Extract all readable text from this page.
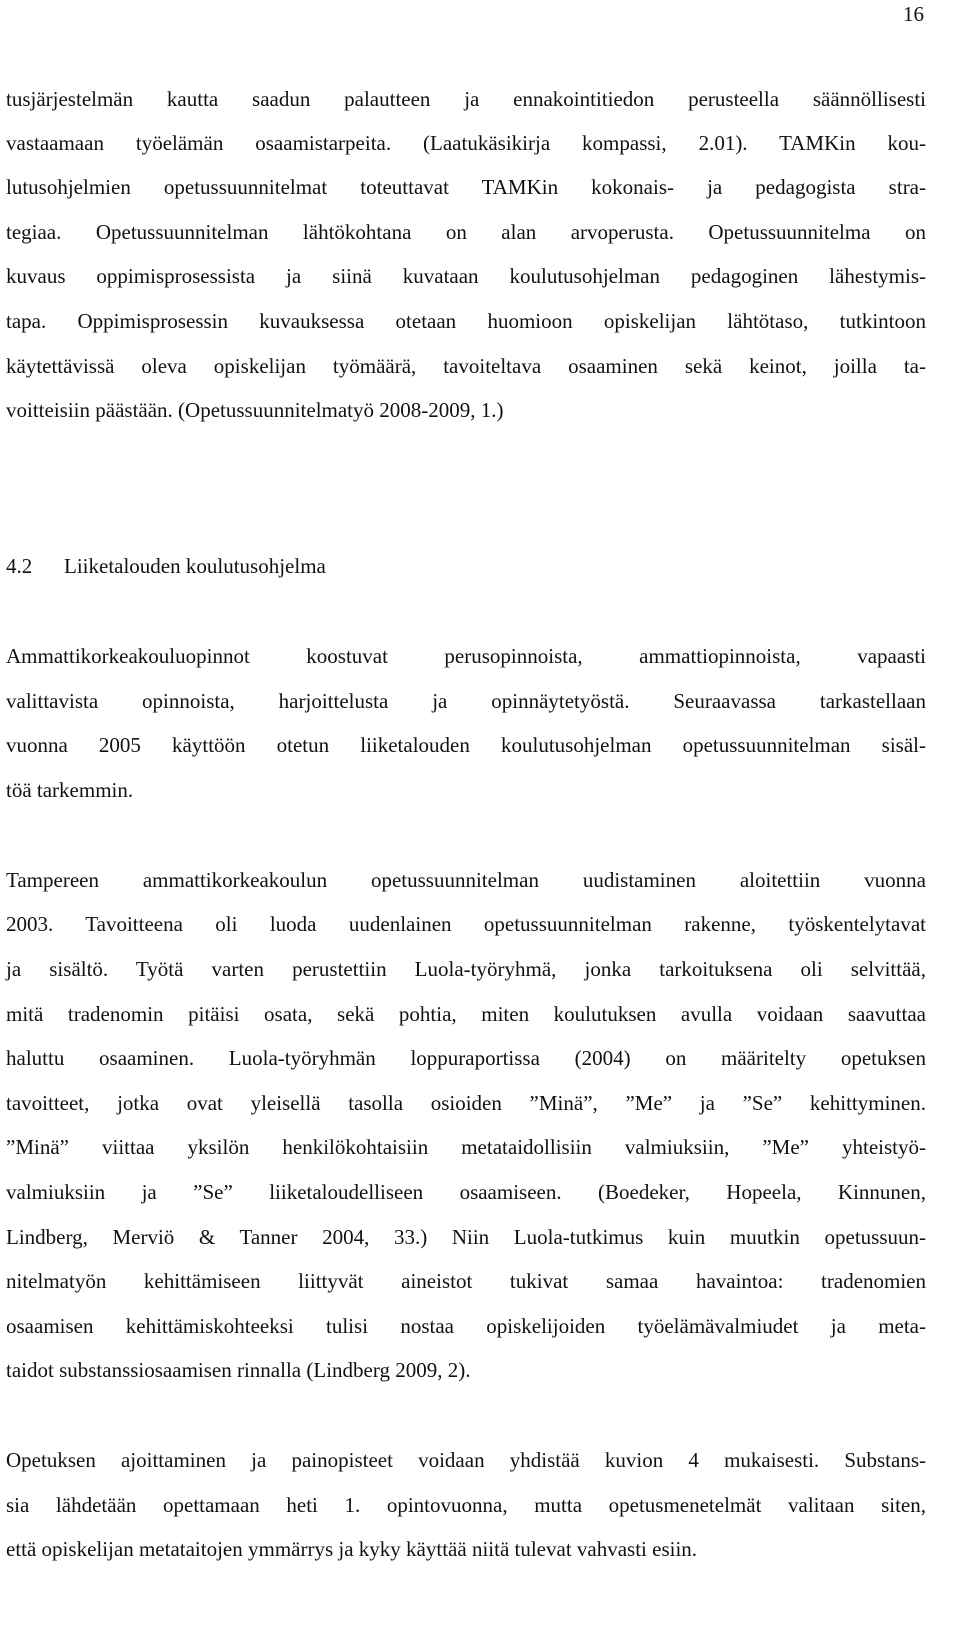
16
tusjärjestelmän kautta saadun palautteen ja ennakointitiedon perusteella säännöllisesti
vastaamaan työelämän osaamistarpeita. (Laatukäsikirja kompassi, 2.01). TAMKin kou-
lutusohjelmien opetussuunnitelmat toteuttavat TAMKin kokonais- ja pedagogista stra-
tegiaa. Opetussuunnitelman lähtökohtana on alan arvoperusta. Opetussuunnitelma on
kuvaus oppimisprosessista ja siinä kuvataan koulutusohjelman pedagoginen lähestymis-
tapa. Oppimisprosessin kuvauksessa otetaan huomioon opiskelijan lähtötaso, tutkintoon
käytettävissä oleva opiskelijan työmäärä, tavoiteltava osaaminen sekä keinot, joilla ta-
voitteisiin päästään. (Opetussuunnitelmatyö 2008-2009, 1.)
4.2 Liiketalouden koulutusohjelma
Ammattikorkeakouluopinnot koostuvat perusopinnoista, ammattiopinnoista, vapaasti
valittavista opinnoista, harjoittelusta ja opinnäytetyöstä. Seuraavassa tarkastellaan
vuonna 2005 käyttöön otetun liiketalouden koulutusohjelman opetussuunnitelman sisäl-
töä tarkemmin.
Tampereen ammattikorkeakoulun opetussuunnitelman uudistaminen aloitettiin vuonna
2003. Tavoitteena oli luoda uudenlainen opetussuunnitelman rakenne, työskentelytavat
ja sisältö. Työtä varten perustettiin Luola-työryhmä, jonka tarkoituksena oli selvittää,
mitä tradenomin pitäisi osata, sekä pohtia, miten koulutuksen avulla voidaan saavuttaa
haluttu osaaminen. Luola-työryhmän loppuraportissa (2004) on määritelty opetuksen
tavoitteet, jotka ovat yleisellä tasolla osioiden ”Minä”, ”Me” ja ”Se” kehittyminen.
”Minä” viittaa yksilön henkilökohtaisiin metataidollisiin valmiuksiin, ”Me” yhteistyö-
valmiuksiin ja ”Se” liiketaloudelliseen osaamiseen. (Boedeker, Hopeela, Kinnunen,
Lindberg, Merviö & Tanner 2004, 33.) Niin Luola-tutkimus kuin muutkin opetussuun-
nitelmatyön kehittämiseen liittyvät aineistot tukivat samaa havaintoa: tradenomien
osaamisen kehittämiskohteeksi tulisi nostaa opiskelijoiden työelämävalmiudet ja meta-
taidot substanssiosaamisen rinnalla (Lindberg 2009, 2).
Opetuksen ajoittaminen ja painopisteet voidaan yhdistää kuvion 4 mukaisesti. Substans-
sia lähdetään opettamaan heti 1. opintovuonna, mutta opetusmenetelmät valitaan siten,
että opiskelijan metataitojen ymmärrys ja kyky käyttää niitä tulevat vahvasti esiin.
